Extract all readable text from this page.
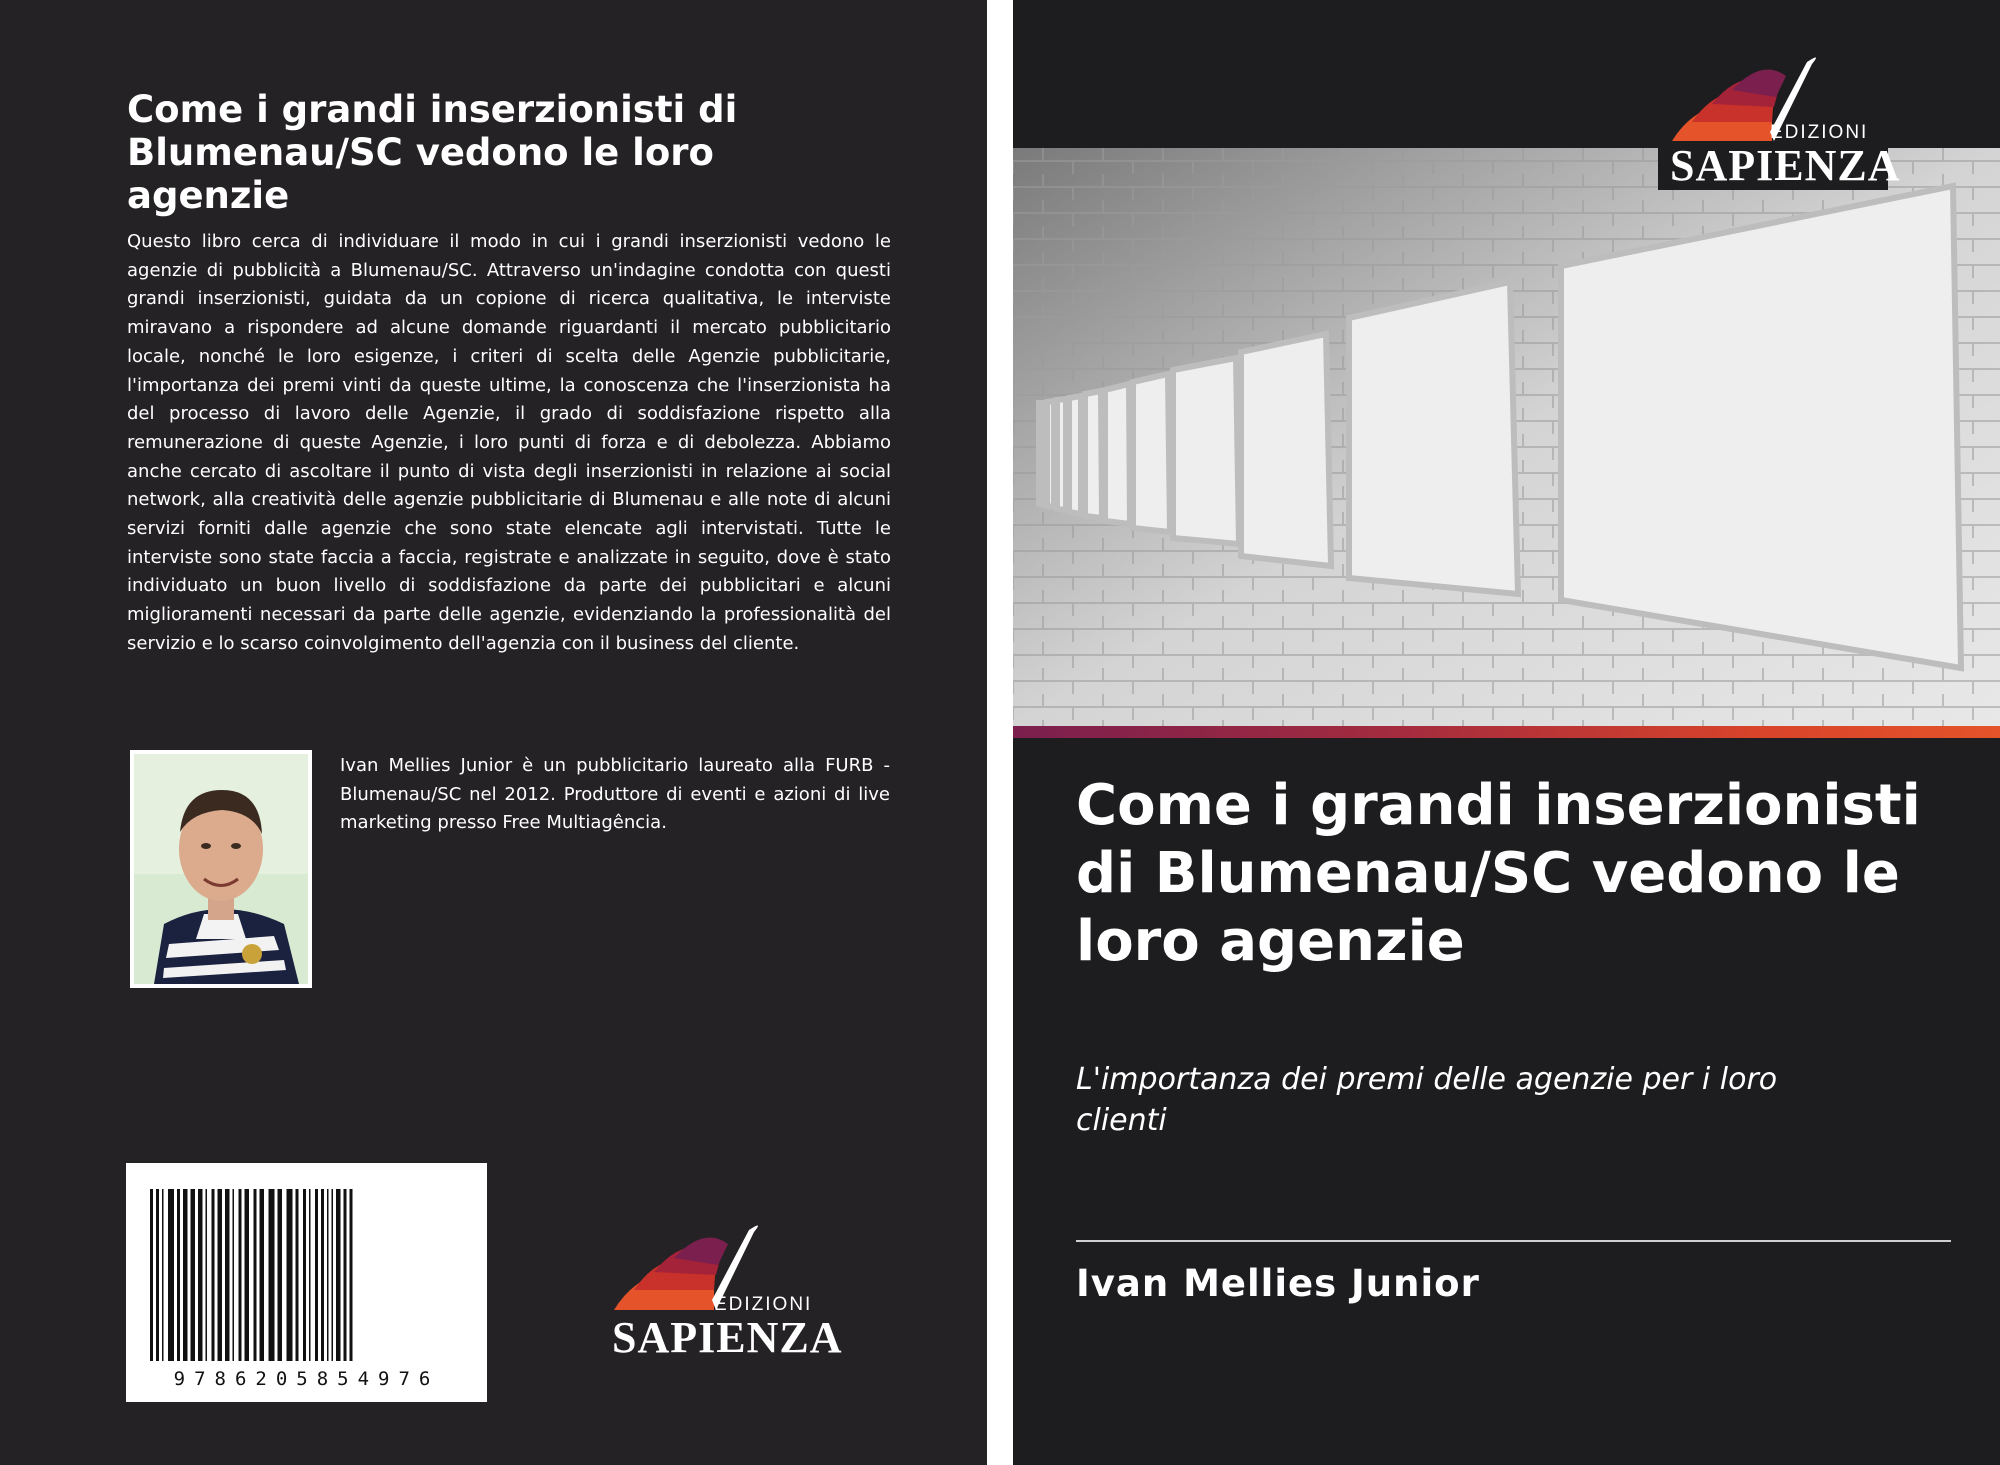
Come i grandi inserzionisti di Blumenau/SC vedono le loro agenzie

Questo libro cerca di individuare il modo in cui i grandi inserzionisti vedono le agenzie di pubblicità a Blumenau/SC. Attraverso un'indagine condotta con questi grandi inserzionisti, guidata da un copione di ricerca qualitativa, le interviste miravano a rispondere ad alcune domande riguardanti il mercato pubblicitario locale, nonché le loro esigenze, i criteri di scelta delle Agenzie pubblicitarie, l'importanza dei premi vinti da queste ultime, la conoscenza che l'inserzionista ha del processo di lavoro delle Agenzie, il grado di soddisfazione rispetto alla remunerazione di queste Agenzie, i loro punti di forza e di debolezza. Abbiamo anche cercato di ascoltare il punto di vista degli inserzionisti in relazione ai social network, alla creatività delle agenzie pubblicitarie di Blumenau e alle note di alcuni servizi forniti dalle agenzie che sono state elencate agli intervistati. Tutte le interviste sono state faccia a faccia, registrate e analizzate in seguito, dove è stato individuato un buon livello di soddisfazione da parte dei pubblicitari e alcuni miglioramenti necessari da parte delle agenzie, evidenziando la professionalità del servizio e lo scarso coinvolgimento dell'agenzia con il business del cliente.

Ivan Mellies Junior è un pubblicitario laureato alla FURB - Blumenau/SC nel 2012. Produttore di eventi e azioni di live marketing presso Free Multiagência.

9786205854976
EDIZIONI
SAPIENZA
EDIZIONI
SAPIENZA
Come i grandi inserzionisti di Blumenau/SC vedono le loro agenzie

L'importanza dei premi delle agenzie per i loro clienti

Ivan Mellies Junior
